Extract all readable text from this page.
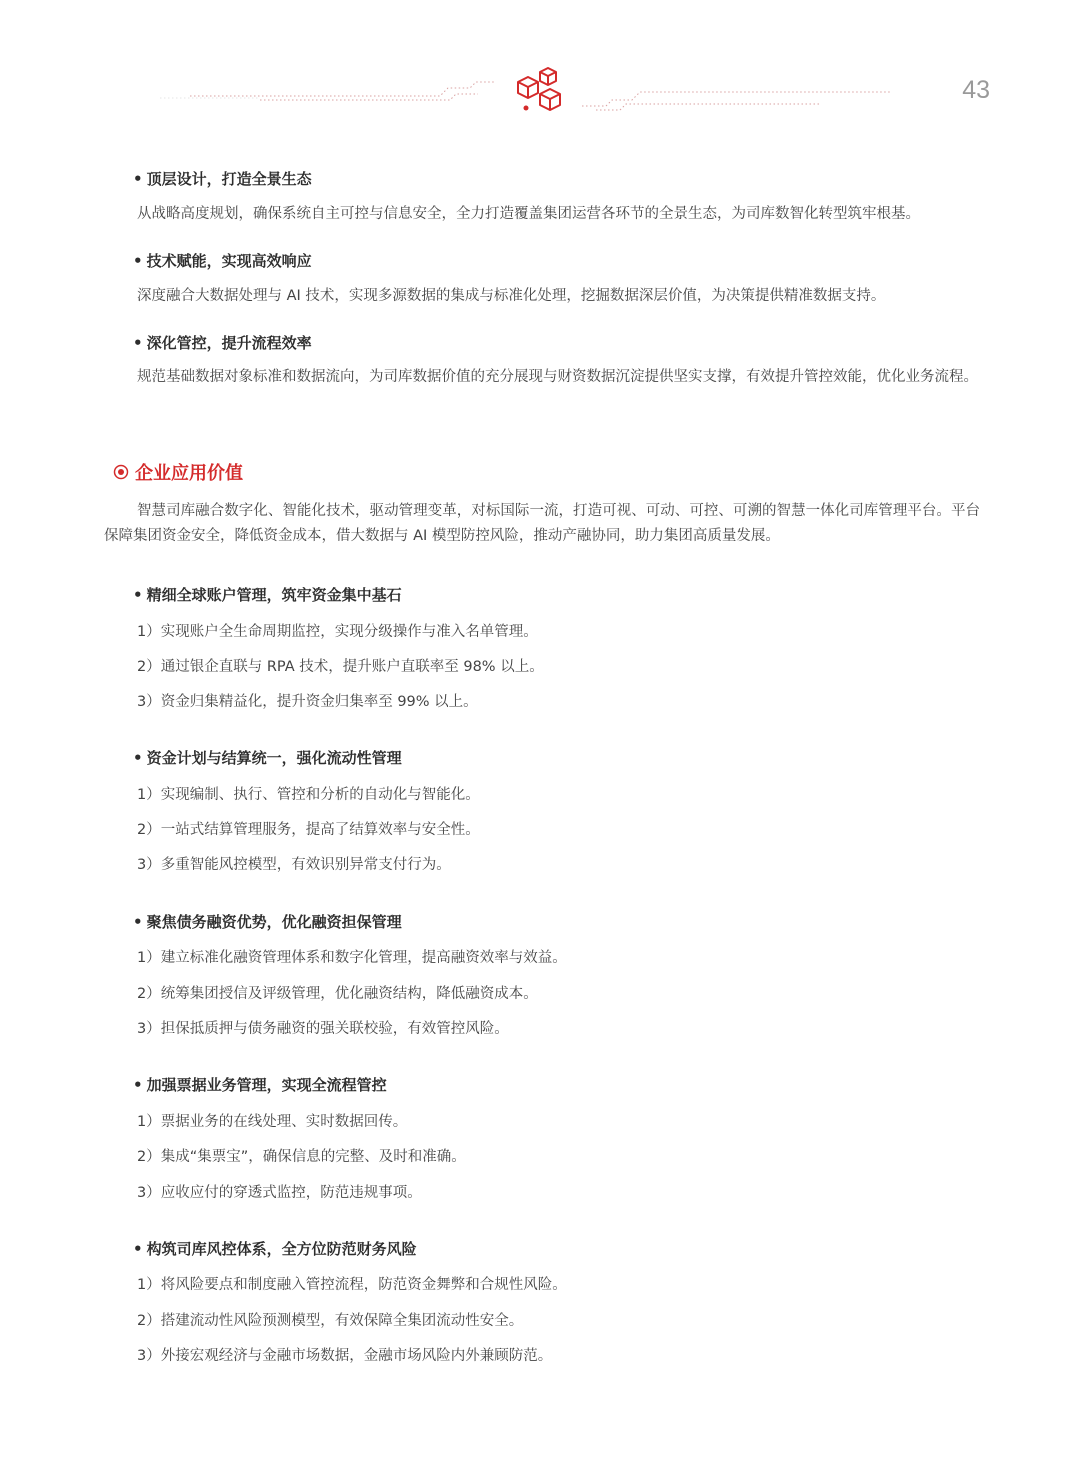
43
• 顶层设计，打造全景生态
从战略高度规划，确保系统自主可控与信息安全，全力打造覆盖集团运营各环节的全景生态，为司库数智化转型筑牢根基。
• 技术赋能，实现高效响应
深度融合大数据处理与 AI 技术，实现多源数据的集成与标准化处理，挖掘数据深层价值，为决策提供精准数据支持。
• 深化管控，提升流程效率
规范基础数据对象标准和数据流向，为司库数据价值的充分展现与财资数据沉淀提供坚实支撑，有效提升管控效能，优化业务流程。
企业应用价值
智慧司库融合数字化、智能化技术，驱动管理变革，对标国际一流，打造可视、可动、可控、可溯的智慧一体化司库管理平台。平台保障集团资金安全，降低资金成本，借大数据与 AI 模型防控风险，推动产融协同，助力集团高质量发展。
• 精细全球账户管理，筑牢资金集中基石
1）实现账户全生命周期监控，实现分级操作与准入名单管理。
2）通过银企直联与 RPA 技术，提升账户直联率至 98% 以上。
3）资金归集精益化，提升资金归集率至 99% 以上。
• 资金计划与结算统一，强化流动性管理
1）实现编制、执行、管控和分析的自动化与智能化。
2）一站式结算管理服务，提高了结算效率与安全性。
3）多重智能风控模型，有效识别异常支付行为。
• 聚焦债务融资优势，优化融资担保管理
1）建立标准化融资管理体系和数字化管理，提高融资效率与效益。
2）统筹集团授信及评级管理，优化融资结构，降低融资成本。
3）担保抵质押与债务融资的强关联校验，有效管控风险。
• 加强票据业务管理，实现全流程管控
1）票据业务的在线处理、实时数据回传。
2）集成“集票宝”，确保信息的完整、及时和准确。
3）应收应付的穿透式监控，防范违规事项。
• 构筑司库风控体系，全方位防范财务风险
1）将风险要点和制度融入管控流程，防范资金舞弊和合规性风险。
2）搭建流动性风险预测模型，有效保障全集团流动性安全。
3）外接宏观经济与金融市场数据，金融市场风险内外兼顾防范。
